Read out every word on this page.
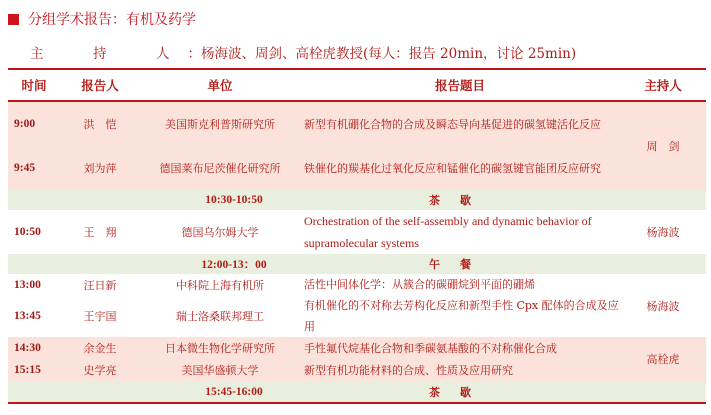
分组学术报告：有机及药学
主　持　人：杨海波、周剑、高栓虎教授(每人：报告 20min，讨论 25min)
时间	报告人	单位	报告题目	主持人
9:00	洪　恺	美国斯克利普斯研究所	新型有机硼化合物的合成及瞬态导向基促进的碳氢键活化反应	周　剑
9:45	刘为萍	德国莱布尼茨催化研究所	铁催化的羰基化过氧化反应和锰催化的碳氢键官能团反应研究	
10:30-10:50			茶歇	
10:50	王　翔	德国乌尔姆大学	Orchestration of the self-assembly and dynamic behavior of supramolecular systems	杨海波
12:00-13：00			午餐	
13:00	汪日新	中科院上海有机所	活性中间体化学：从簇合的碳硼烷到平面的硼烯	杨海波
13:45	王宇国	瑞士洛桑联邦理工	有机催化的不对称去芳构化反应和新型手性 Cpx 配体的合成及应用	
14:30	余金生	日本微生物化学研究所	手性氟代烷基化合物和季碳氨基酸的不对称催化合成	高栓虎
15:15	史学亮	美国华盛顿大学	新型有机功能材料的合成、性质及应用研究	
15:45-16:00			茶歇	
